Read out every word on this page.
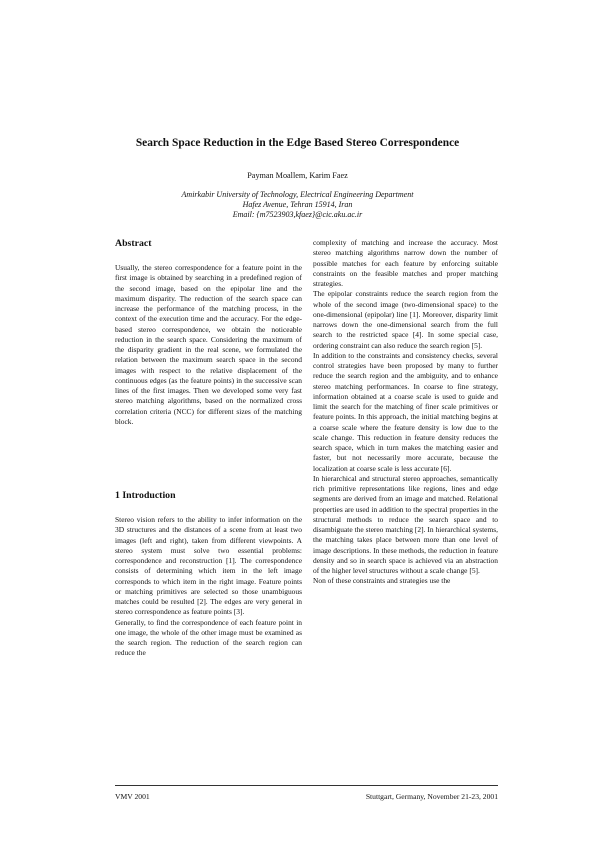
Search Space Reduction in the Edge Based Stereo Correspondence
Payman Moallem, Karim Faez
Amirkabir University of Technology, Electrical Engineering Department
Hafez Avenue, Tehran 15914, Iran
Email: {m7523903,kfaez}@cic.aku.ac.ir
Abstract

Usually, the stereo correspondence for a feature point in the first image is obtained by searching in a predefined region of the second image, based on the epipolar line and the maximum disparity. The reduction of the search space can increase the performance of the matching process, in the context of the execution time and the accuracy. For the edge-based stereo correspondence, we obtain the noticeable reduction in the search space. Considering the maximum of the disparity gradient in the real scene, we formulated the relation between the maximum search space in the second images with respect to the relative displacement of the continuous edges (as the feature points) in the successive scan lines of the first images. Then we developed some very fast stereo matching algorithms, based on the normalized cross correlation criteria (NCC) for different sizes of the matching block.

1 Introduction

Stereo vision refers to the ability to infer information on the 3D structures and the distances of a scene from at least two images (left and right), taken from different viewpoints. A stereo system must solve two essential problems: correspondence and reconstruction [1]. The correspondence consists of determining which item in the left image corresponds to which item in the right image. Feature points or matching primitives are selected so those unambiguous matches could be resulted [2]. The edges are very general in stereo correspondence as feature points [3].

Generally, to find the correspondence of each feature point in one image, the whole of the other image must be examined as the search region. The reduction of the search region can reduce the

complexity of matching and increase the accuracy. Most stereo matching algorithms narrow down the number of possible matches for each feature by enforcing suitable constraints on the feasible matches and proper matching strategies.

The epipolar constraints reduce the search region from the whole of the second image (two-dimensional space) to the one-dimensional (epipolar) line [1]. Moreover, disparity limit narrows down the one-dimensional search from the full search to the restricted space [4]. In some special case, ordering constraint can also reduce the search region [5].

In addition to the constraints and consistency checks, several control strategies have been proposed by many to further reduce the search region and the ambiguity, and to enhance stereo matching performances. In coarse to fine strategy, information obtained at a coarse scale is used to guide and limit the search for the matching of finer scale primitives or feature points. In this approach, the initial matching begins at a coarse scale where the feature density is low due to the scale change. This reduction in feature density reduces the search space, which in turn makes the matching easier and faster, but not necessarily more accurate, because the localization at coarse scale is less accurate [6].

In hierarchical and structural stereo approaches, semantically rich primitive representations like regions, lines and edge segments are derived from an image and matched. Relational properties are used in addition to the spectral properties in the structural methods to reduce the search space and to disambiguate the stereo matching [2]. In hierarchical systems, the matching takes place between more than one level of image descriptions. In these methods, the reduction in feature density and so in search space is achieved via an abstraction of the higher level structures without a scale change [5].

Non of these constraints and strategies use the

VMV 2001	Stuttgart, Germany, November 21-23, 2001
